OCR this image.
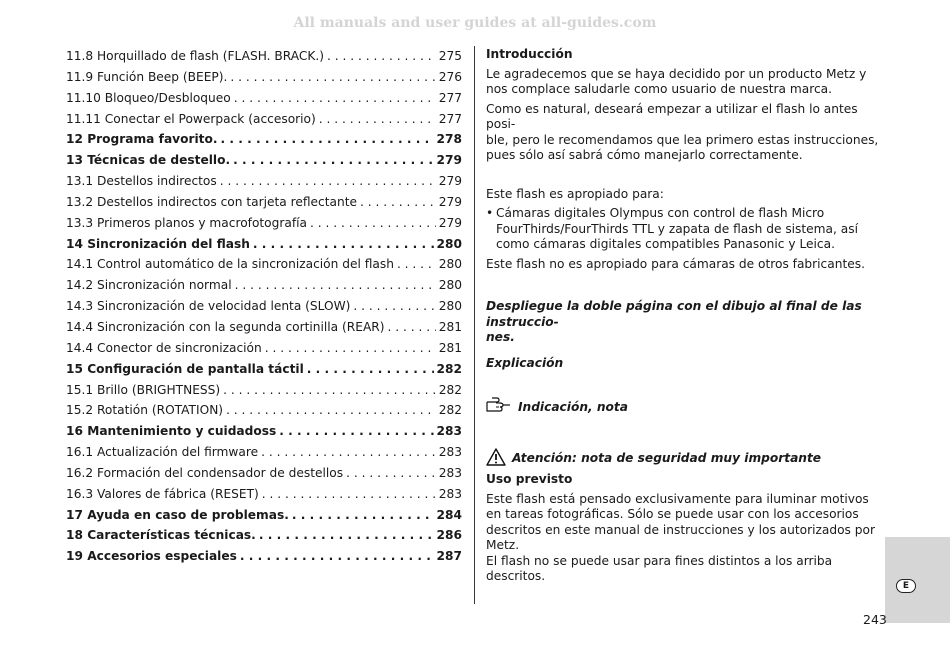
All manuals and user guides at all-guides.com
11.8 Horquillado de flash (FLASH. BRACK.) . . .	275
11.9 Función Beep (BEEP). . . .	276
11.10 Bloqueo/Desbloqueo . . .	277
11.11 Conectar el Powerpack (accesorio) . . .	277
12 Programa favorito. . . .	278
13 Técnicas de destello. . . .	279
13.1 Destellos indirectos . . .	279
13.2 Destellos indirectos con tarjeta reflectante . . .	279
13.3 Primeros planos y macrofotografía . . .	279
14 Sincronización del flash . . .	280
14.1 Control automático de la sincronización del flash . . .	280
14.2 Sincronización normal . . .	280
14.3 Sincronización de velocidad lenta (SLOW) . . .	280
14.4 Sincronización con la segunda cortinilla (REAR) . . .	281
14.4 Conector de sincronización . . .	281
15 Configuración de pantalla táctil . . .	282
15.1 Brillo (BRIGHTNESS) . . .	282
15.2 Rotatión (ROTATION) . . .	282
16 Mantenimiento y cuidadoss . . .	283
16.1 Actualización del firmware . . .	283
16.2 Formación del condensador de destellos . . .	283
16.3 Valores de fábrica (RESET) . . .	283
17 Ayuda en caso de problemas. . . .	284
18 Características técnicas. . . .	286
19 Accesorios especiales . . .	287

Introducción

Le agradecemos que se haya decidido por un producto Metz y nos complace saludarle como usuario de nuestra marca.

Como es natural, deseará empezar a utilizar el flash lo antes posi-

ble, pero le recomendamos que lea primero estas instrucciones, pues sólo así sabrá cómo manejarlo correctamente.

Este flash es apropiado para:

• Cámaras digitales Olympus con control de flash Micro FourThirds/FourThirds TTL y zapata de flash de sistema, así como cámaras digitales compatibles Panasonic y Leica.

Este flash no es apropiado para cámaras de otros fabricantes.

Despliegue la doble página con el dibujo al final de las instruccio-

nes.

Explicación

Indicación, nota
Atención: nota de seguridad muy importante

Uso previsto

Este flash está pensado exclusivamente para iluminar motivos en tareas fotográficas. Sólo se puede usar con los accesorios descritos en este manual de instrucciones y los autorizados por Metz.

El flash no se puede usar para fines distintos a los arriba descritos.

E
243
